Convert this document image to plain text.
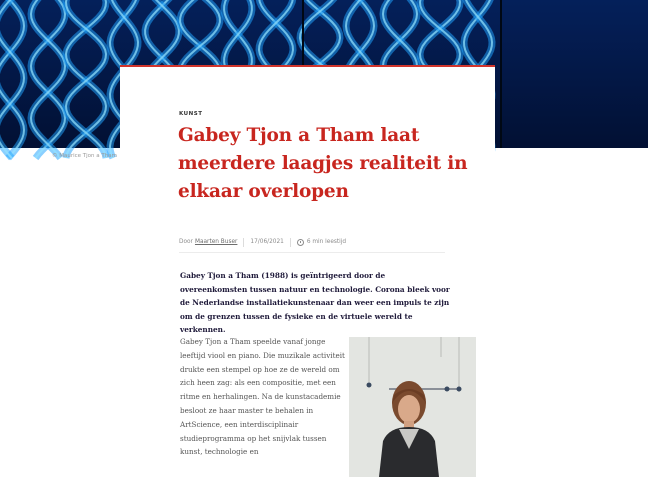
© Maurice Tjon a Tham
KUNST
Gabey Tjon a Tham laat meerdere laagjes realiteit in elkaar overlopen
Door Maarten Buser 17/06/2021	6 min leestijd

Gabey Tjon a Tham (1988) is geïntrigeerd door de overeenkomsten tussen natuur en technologie. Corona bleek voor de Nederlandse installatiekunstenaar dan weer een impuls te zijn om de grenzen tussen de fysieke en de virtuele wereld te verkennen.

Gabey Tjon a Tham speelde vanaf jonge leeftijd viool en piano. Die muzikale activiteit drukte een stempel op hoe ze de wereld om zich heen zag: als een compositie, met een ritme en herhalingen. Na de kunstacademie besloot ze haar master te behalen in ArtScience, een interdisciplinair studieprogramma op het snijvlak tussen kunst, technologie en
